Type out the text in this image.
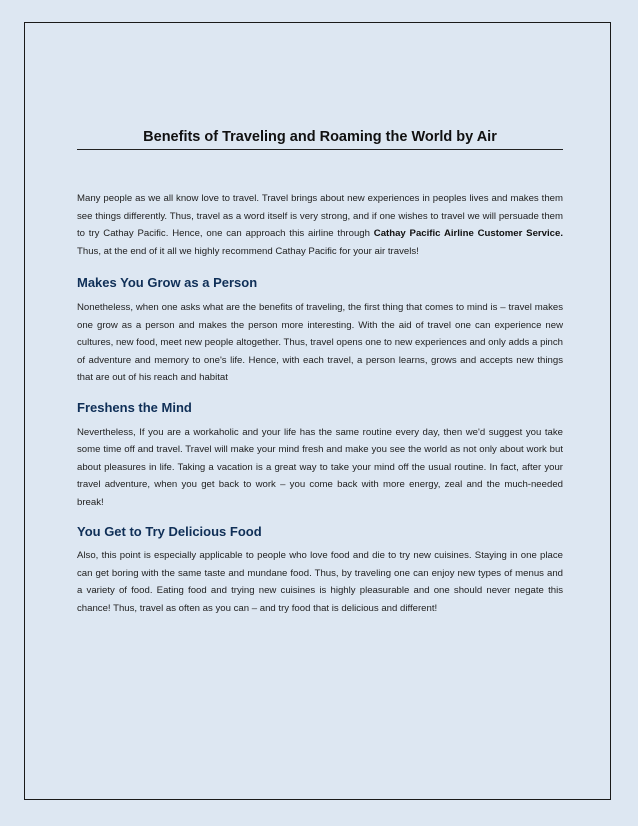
Benefits of Traveling and Roaming the World by Air

Many people as we all know love to travel. Travel brings about new experiences in peoples lives and makes them see things differently. Thus, travel as a word itself is very strong, and if one wishes to travel we will persuade them to try Cathay Pacific. Hence, one can approach this airline through Cathay Pacific Airline Customer Service. Thus, at the end of it all we highly recommend Cathay Pacific for your air travels!

Makes You Grow as a Person

Nonetheless, when one asks what are the benefits of traveling, the first thing that comes to mind is – travel makes one grow as a person and makes the person more interesting. With the aid of travel one can experience new cultures, new food, meet new people altogether. Thus, travel opens one to new experiences and only adds a pinch of adventure and memory to one's life. Hence, with each travel, a person learns, grows and accepts new things that are out of his reach and habitat

Freshens the Mind

Nevertheless, If you are a workaholic and your life has the same routine every day, then we'd suggest you take some time off and travel. Travel will make your mind fresh and make you see the world as not only about work but about pleasures in life. Taking a vacation is a great way to take your mind off the usual routine. In fact, after your travel adventure, when you get back to work – you come back with more energy, zeal and the much-needed break!

You Get to Try Delicious Food

Also, this point is especially applicable to people who love food and die to try new cuisines. Staying in one place can get boring with the same taste and mundane food. Thus, by traveling one can enjoy new types of menus and a variety of food. Eating food and trying new cuisines is highly pleasurable and one should never negate this chance! Thus, travel as often as you can – and try food that is delicious and different!
